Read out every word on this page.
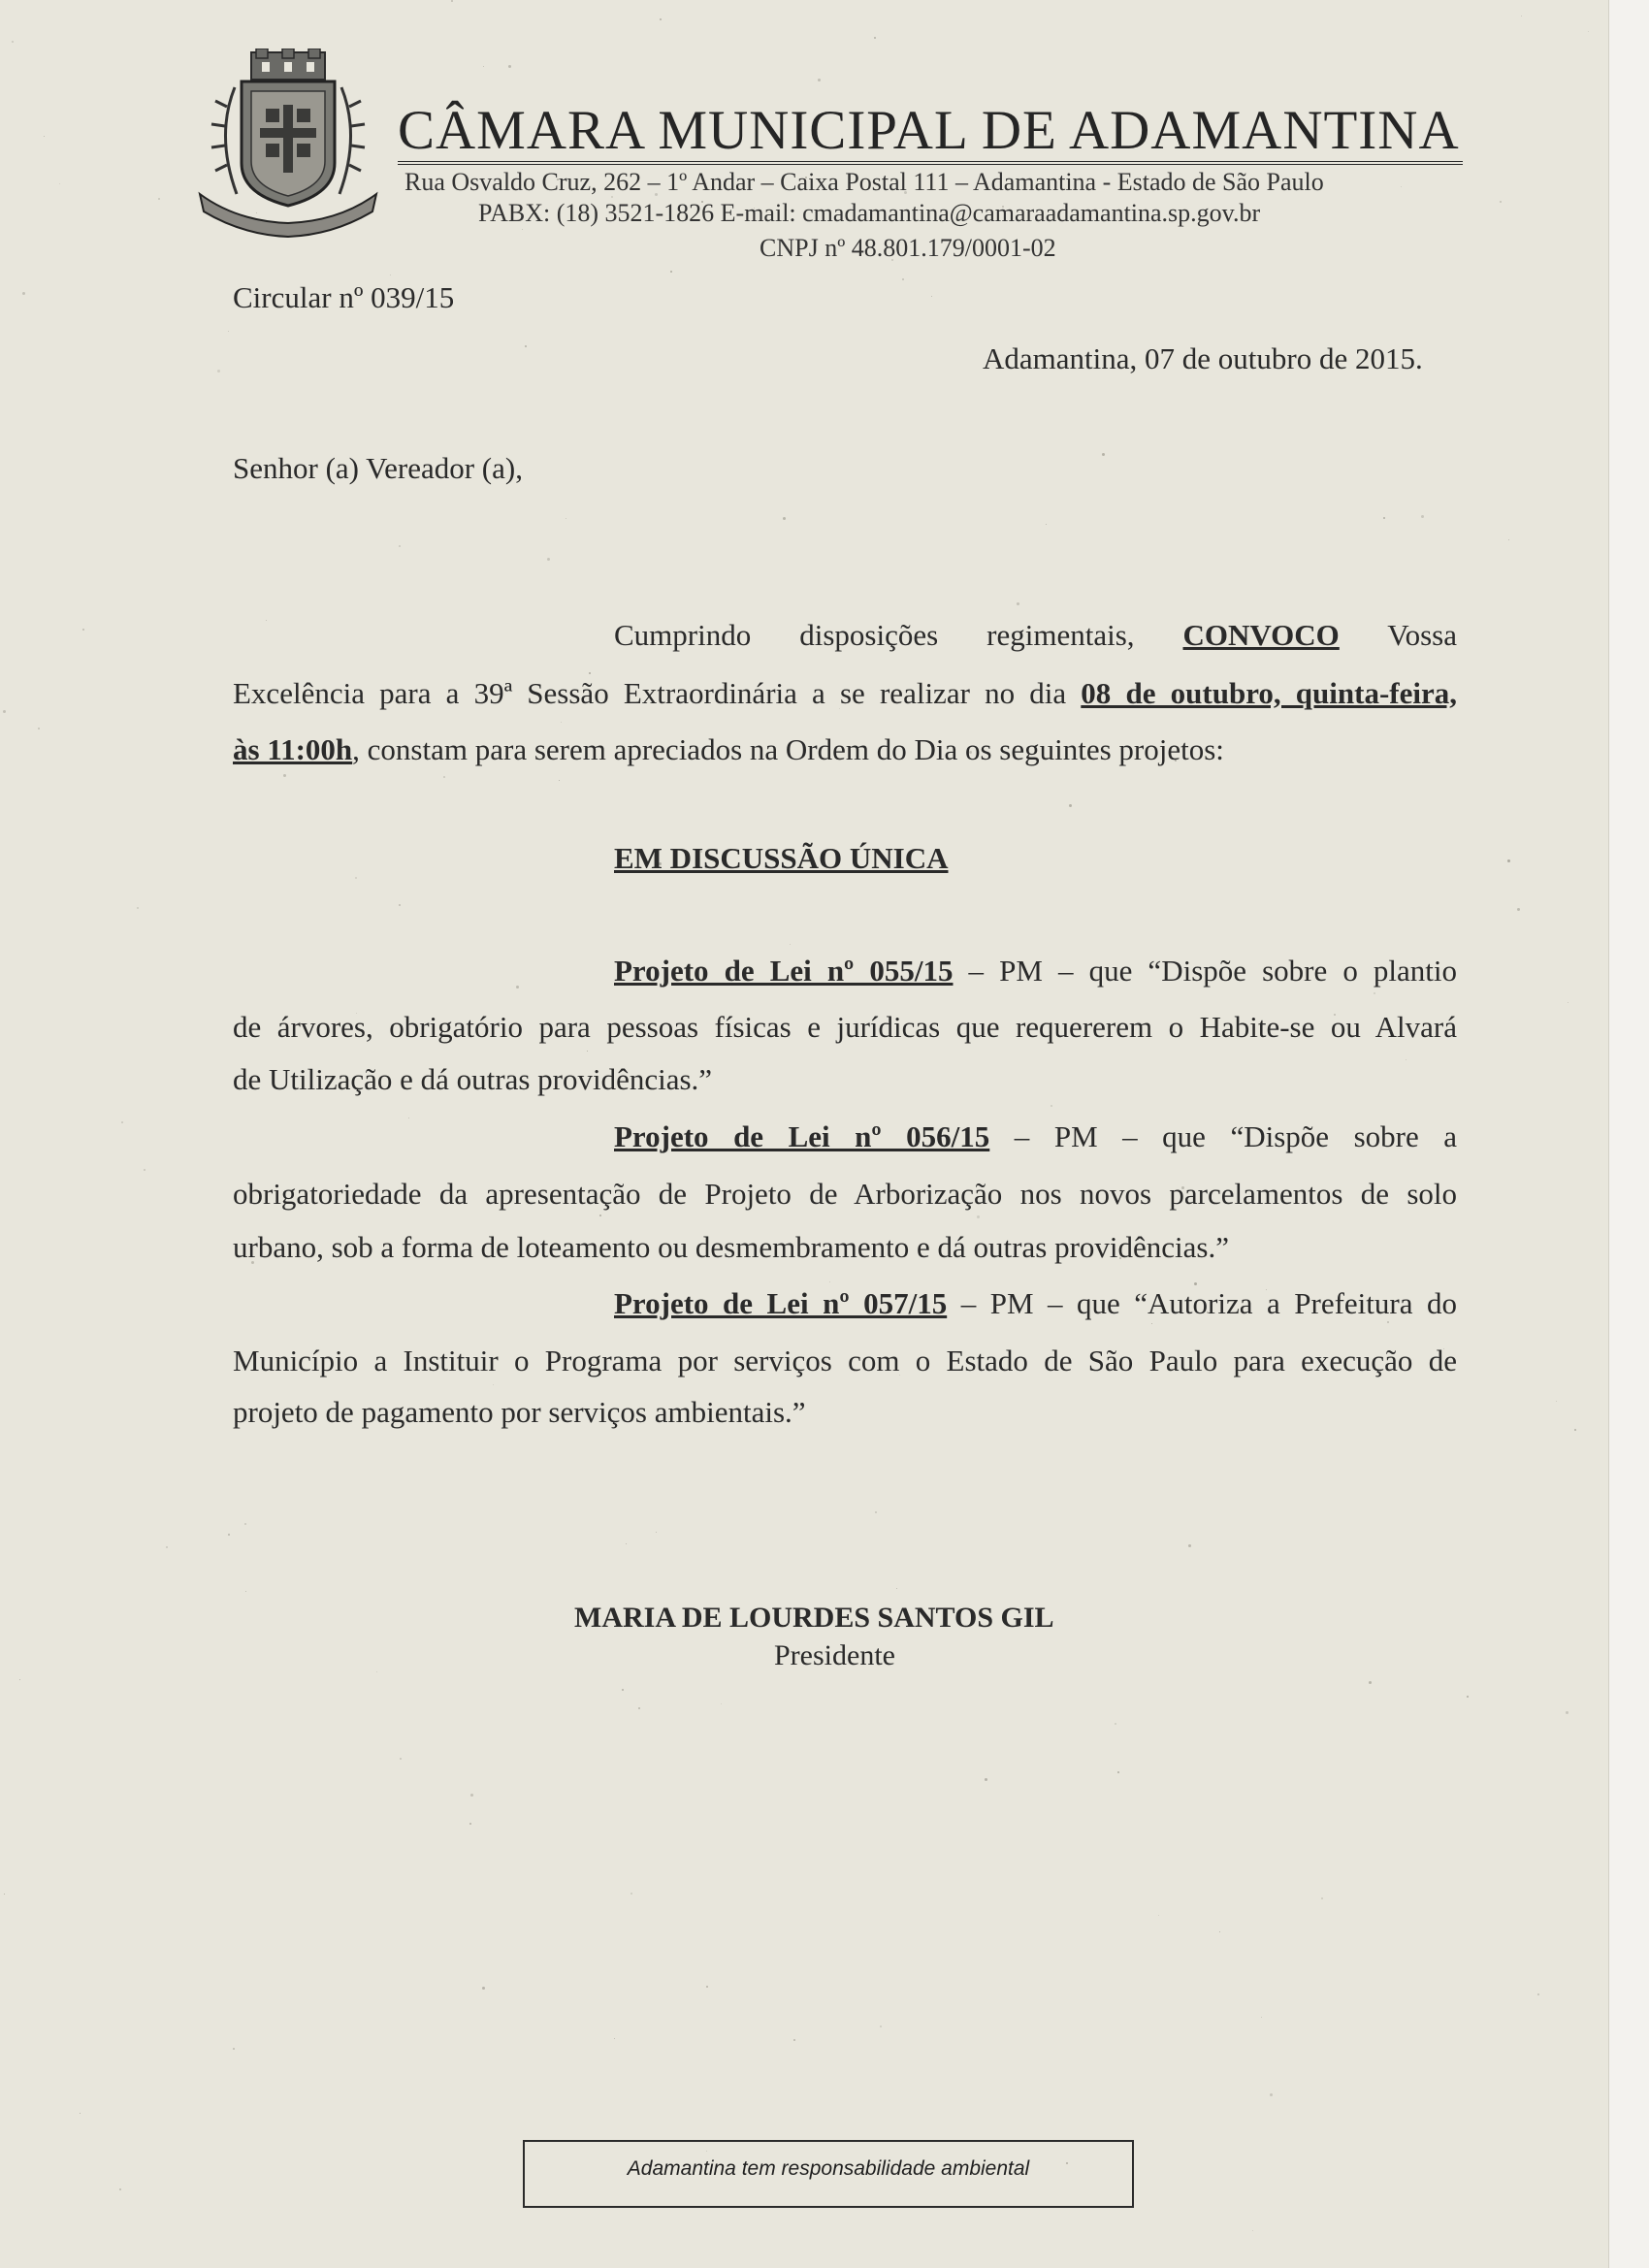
CÂMARA MUNICIPAL DE ADAMANTINA
Rua Osvaldo Cruz, 262 – 1º Andar – Caixa Postal 111 – Adamantina - Estado de São Paulo
PABX: (18) 3521-1826 E-mail: cmadamantina@camaraadamantina.sp.gov.br
CNPJ nº 48.801.179/0001-02
Circular nº 039/15
Adamantina, 07 de outubro de 2015.
Senhor (a) Vereador (a),
Cumprindo disposições regimentais, CONVOCO Vossa
Excelência para a 39ª Sessão Extraordinária a se realizar no dia 08 de outubro, quinta-feira,
às 11:00h, constam para serem apreciados na Ordem do Dia os seguintes projetos:
EM DISCUSSÃO ÚNICA
Projeto de Lei nº 055/15 – PM – que “Dispõe sobre o plantio
de árvores, obrigatório para pessoas físicas e jurídicas que requererem o Habite-se ou Alvará
de Utilização e dá outras providências.”
Projeto de Lei nº 056/15 – PM – que “Dispõe sobre a
obrigatoriedade da apresentação de Projeto de Arborização nos novos parcelamentos de solo
urbano, sob a forma de loteamento ou desmembramento e dá outras providências.”
Projeto de Lei nº 057/15 – PM – que “Autoriza a Prefeitura do
Município a Instituir o Programa por serviços com o Estado de São Paulo para execução de
projeto de pagamento por serviços ambientais.”
MARIA DE LOURDES SANTOS GIL
Presidente
Adamantina tem responsabilidade ambiental
